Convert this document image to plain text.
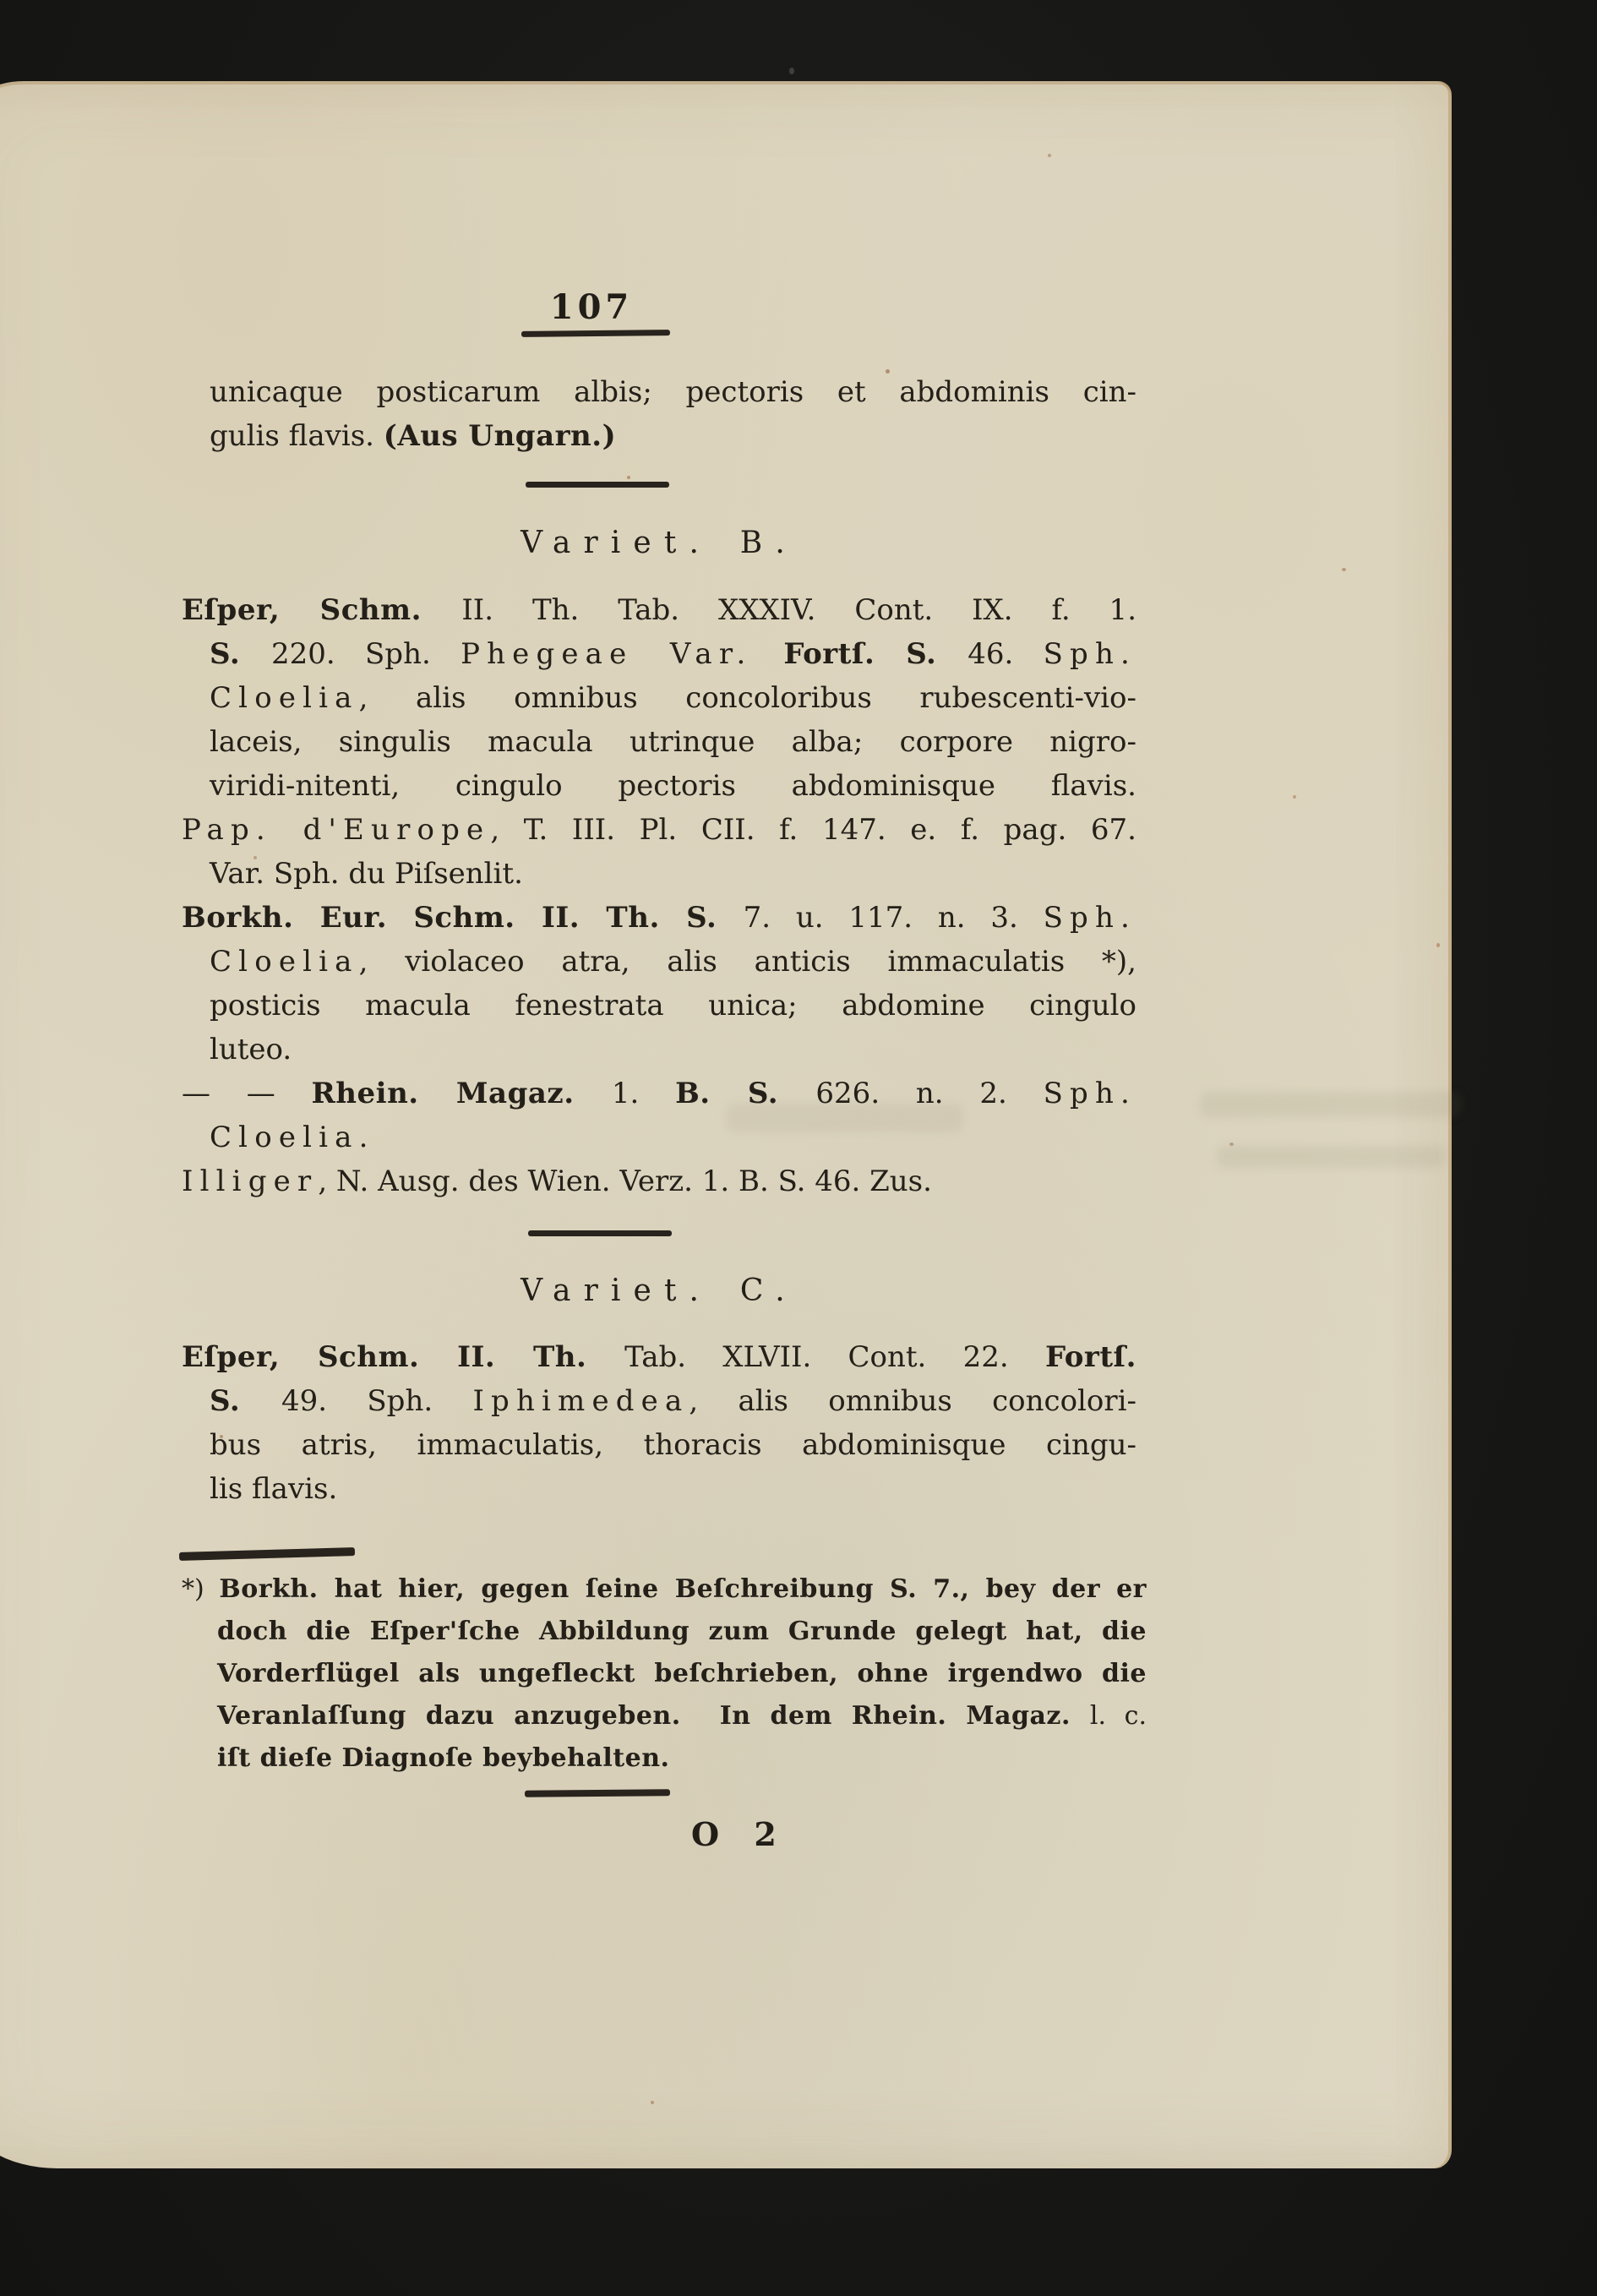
107
unicaque posticarum albis; pectoris et abdominis cin-
gulis flavis. (Aus Ungarn.)
Variet. B.
Eſper, Schm. II. Th. Tab. XXXIV. Cont. IX. f. 1.
S. 220. Sph. Phegeae Var. Fortſ. S. 46. Sph.
Cloelia, alis omnibus concoloribus rubescenti-vio-
laceis, singulis macula utrinque alba; corpore nigro-
viridi-nitenti, cingulo pectoris abdominisque flavis.
Pap. d'Europe, T. III. Pl. CII. f. 147. e. f. pag. 67.
Var. Sph. du Piſsenlit.
Borkh. Eur. Schm. II. Th. S. 7. u. 117. n. 3. Sph.
Cloelia, violaceo atra, alis anticis immaculatis *),
posticis macula fenestrata unica; abdomine cingulo
luteo.
— — Rhein. Magaz. 1. B. S. 626. n. 2. Sph.
Cloelia.
Illiger, N. Ausg. des Wien. Verz. 1. B. S. 46. Zus.
Variet. C.
Eſper, Schm. II. Th. Tab. XLVII. Cont. 22. Fortſ.
S. 49. Sph. Iphimedea, alis omnibus concolori-
bus atris, immaculatis, thoracis abdominisque cingu-
lis flavis.
*) Borkh. hat hier, gegen ſeine Beſchreibung S. 7., bey der er
doch die Eſper'ſche Abbildung zum Grunde gelegt hat, die
Vorderflügel als ungefleckt beſchrieben, ohne irgendwo die
Veranlaſſung dazu anzugeben.  In dem Rhein. Magaz. l. c.
iſt dieſe Diagnoſe beybehalten.
O 2
